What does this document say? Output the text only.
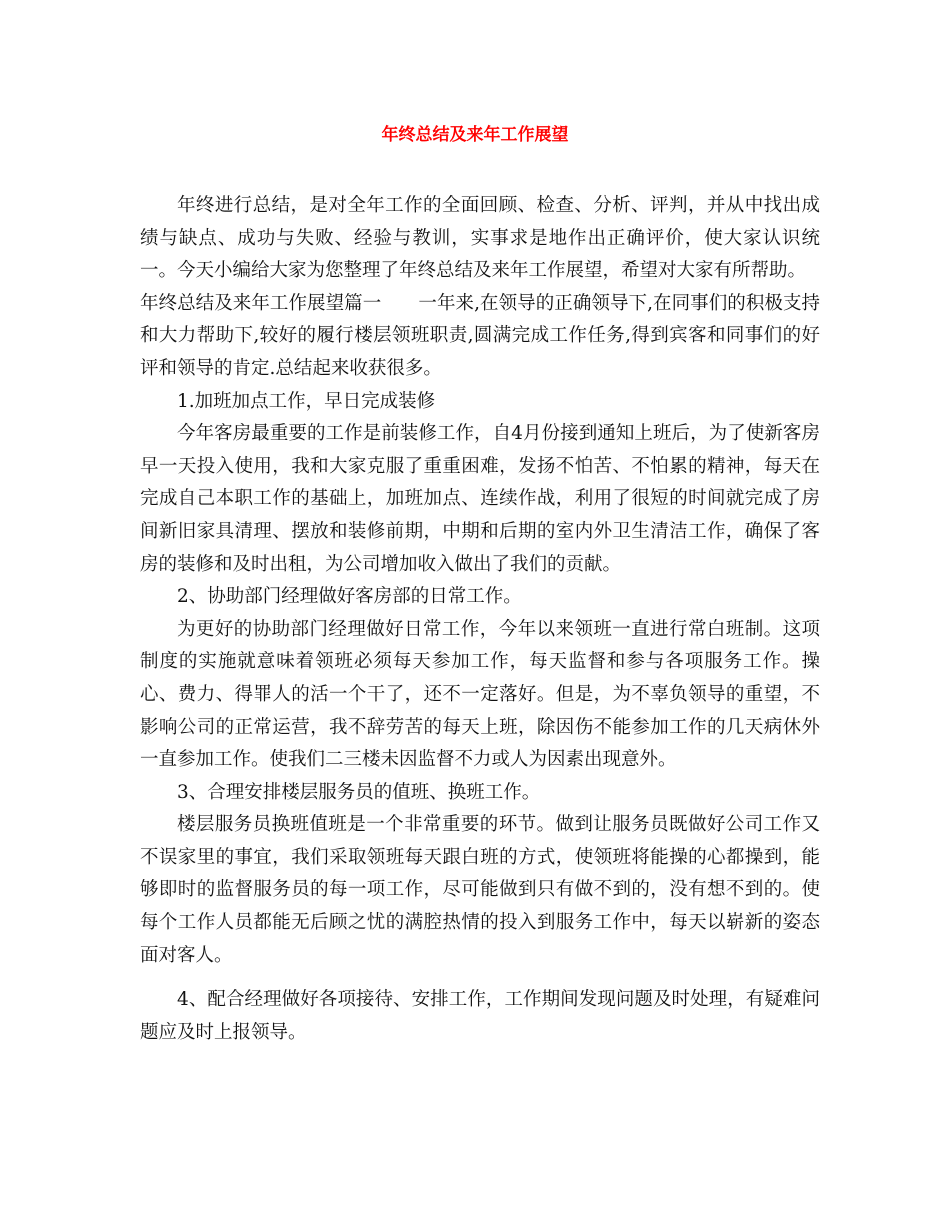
年终总结及来年工作展望

年终进行总结，是对全年工作的全面回顾、检查、分析、评判，并从中找出成绩与缺点、成功与失败、经验与教训，实事求是地作出正确评价，使大家认识统一。今天小编给大家为您整理了年终总结及来年工作展望，希望对大家有所帮助。

年终总结及来年工作展望篇一　　一年来,在领导的正确领导下,在同事们的积极支持和大力帮助下,较好的履行楼层领班职责,圆满完成工作任务,得到宾客和同事们的好评和领导的肯定.总结起来收获很多。

1.加班加点工作，早日完成装修

今年客房最重要的工作是前装修工作，自4月份接到通知上班后，为了使新客房早一天投入使用，我和大家克服了重重困难，发扬不怕苦、不怕累的精神，每天在完成自己本职工作的基础上，加班加点、连续作战，利用了很短的时间就完成了房间新旧家具清理、摆放和装修前期，中期和后期的室内外卫生清洁工作，确保了客房的装修和及时出租，为公司增加收入做出了我们的贡献。

2、协助部门经理做好客房部的日常工作。

为更好的协助部门经理做好日常工作，今年以来领班一直进行常白班制。这项制度的实施就意味着领班必须每天参加工作，每天监督和参与各项服务工作。操心、费力、得罪人的活一个干了，还不一定落好。但是，为不辜负领导的重望，不影响公司的正常运营，我不辞劳苦的每天上班，除因伤不能参加工作的几天病休外一直参加工作。使我们二三楼未因监督不力或人为因素出现意外。

3、合理安排楼层服务员的值班、换班工作。

楼层服务员换班值班是一个非常重要的环节。做到让服务员既做好公司工作又不误家里的事宜，我们采取领班每天跟白班的方式，使领班将能操的心都操到，能够即时的监督服务员的每一项工作，尽可能做到只有做不到的，没有想不到的。使每个工作人员都能无后顾之忧的满腔热情的投入到服务工作中，每天以崭新的姿态面对客人。

4、配合经理做好各项接待、安排工作，工作期间发现问题及时处理，有疑难问题应及时上报领导。
